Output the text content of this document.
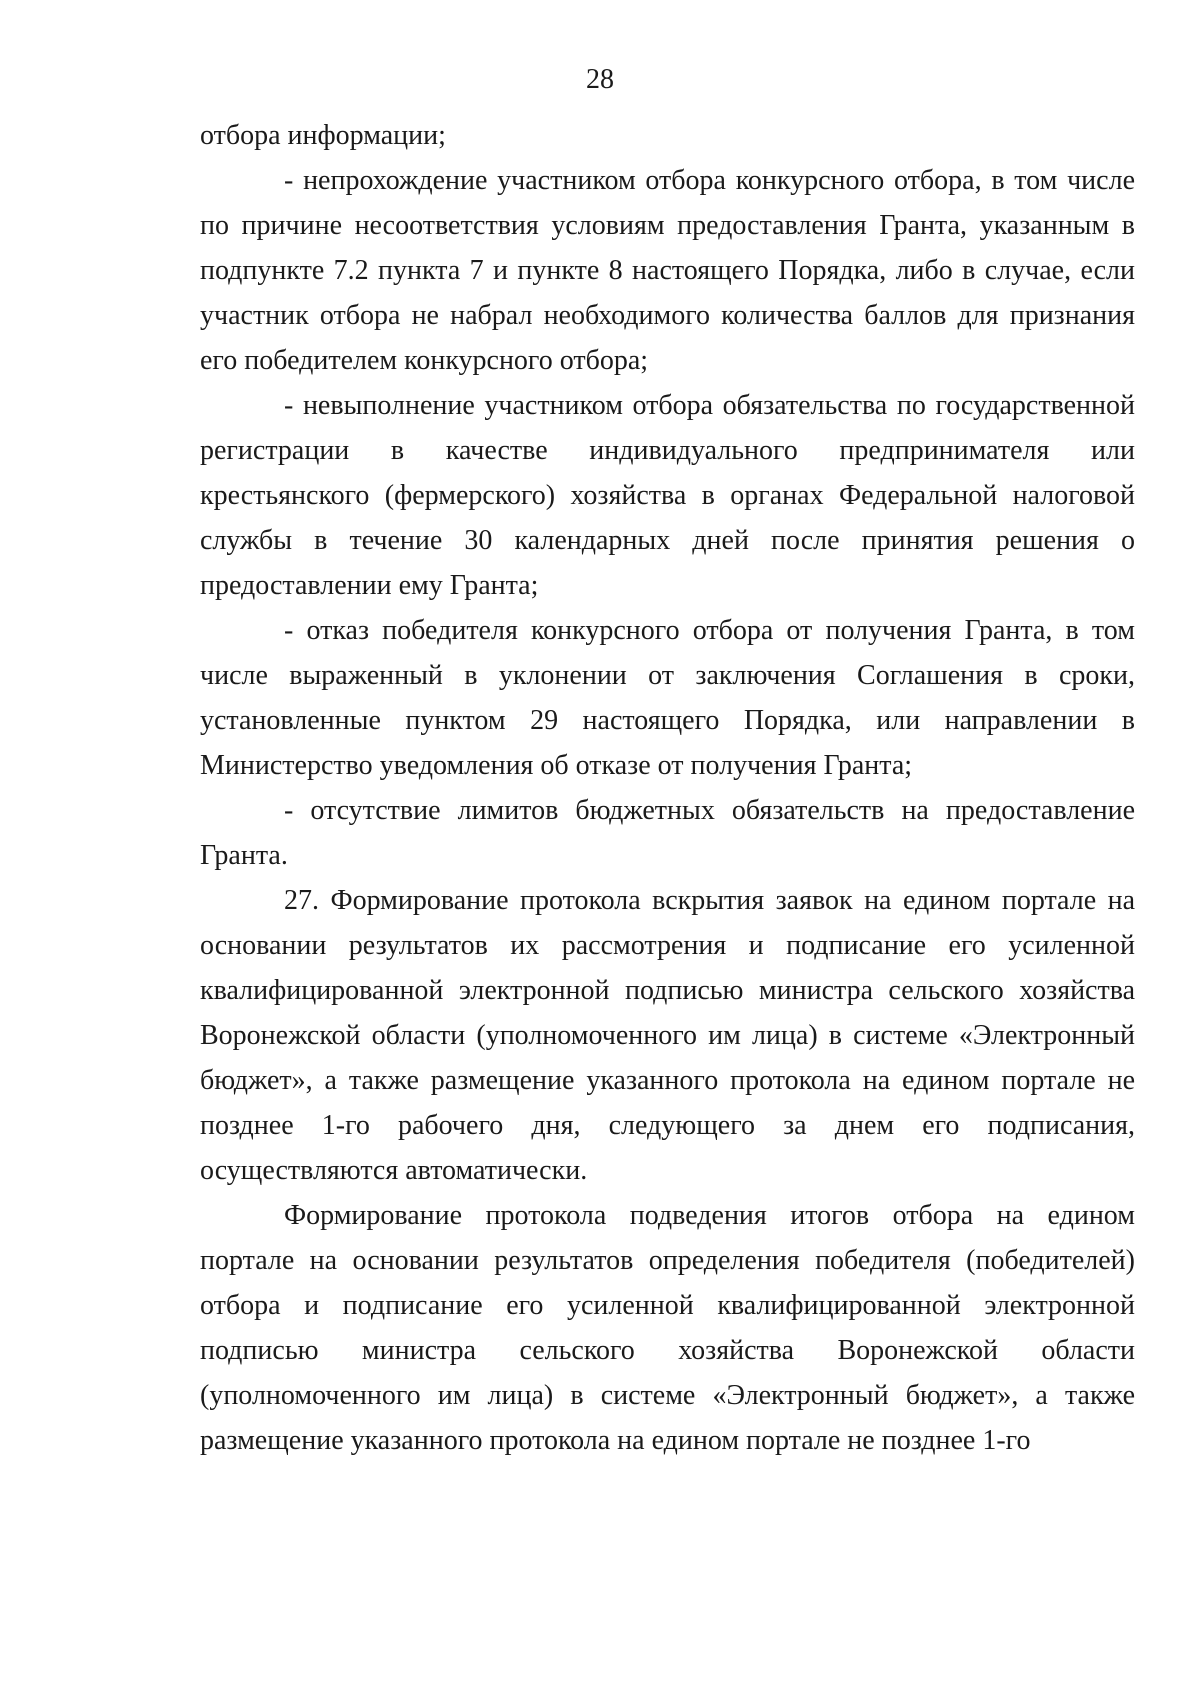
28

отбора информации;

- непрохождение участником отбора конкурсного отбора, в том числе по причине несоответствия условиям предоставления Гранта, указанным в подпункте 7.2 пункта 7 и пункте 8 настоящего Порядка, либо в случае, если участник отбора не набрал необходимого количества баллов для признания его победителем конкурсного отбора;

- невыполнение участником отбора обязательства по государственной регистрации в качестве индивидуального предпринимателя или крестьянского (фермерского) хозяйства в органах Федеральной налоговой службы в течение 30 календарных дней после принятия решения о предоставлении ему Гранта;

- отказ победителя конкурсного отбора от получения Гранта, в том числе выраженный в уклонении от заключения Соглашения в сроки, установленные пунктом 29 настоящего Порядка, или направлении в Министерство уведомления об отказе от получения Гранта;

- отсутствие лимитов бюджетных обязательств на предоставление Гранта.

27. Формирование протокола вскрытия заявок на едином портале на основании результатов их рассмотрения и подписание его усиленной квалифицированной электронной подписью министра сельского хозяйства Воронежской области (уполномоченного им лица) в системе «Электронный бюджет», а также размещение указанного протокола на едином портале не позднее 1-го рабочего дня, следующего за днем его подписания, осуществляются автоматически.

Формирование протокола подведения итогов отбора на едином портале на основании результатов определения победителя (победителей) отбора и подписание его усиленной квалифицированной электронной подписью министра сельского хозяйства Воронежской области (уполномоченного им лица) в системе «Электронный бюджет», а также размещение указанного протокола на едином портале не позднее 1-го
